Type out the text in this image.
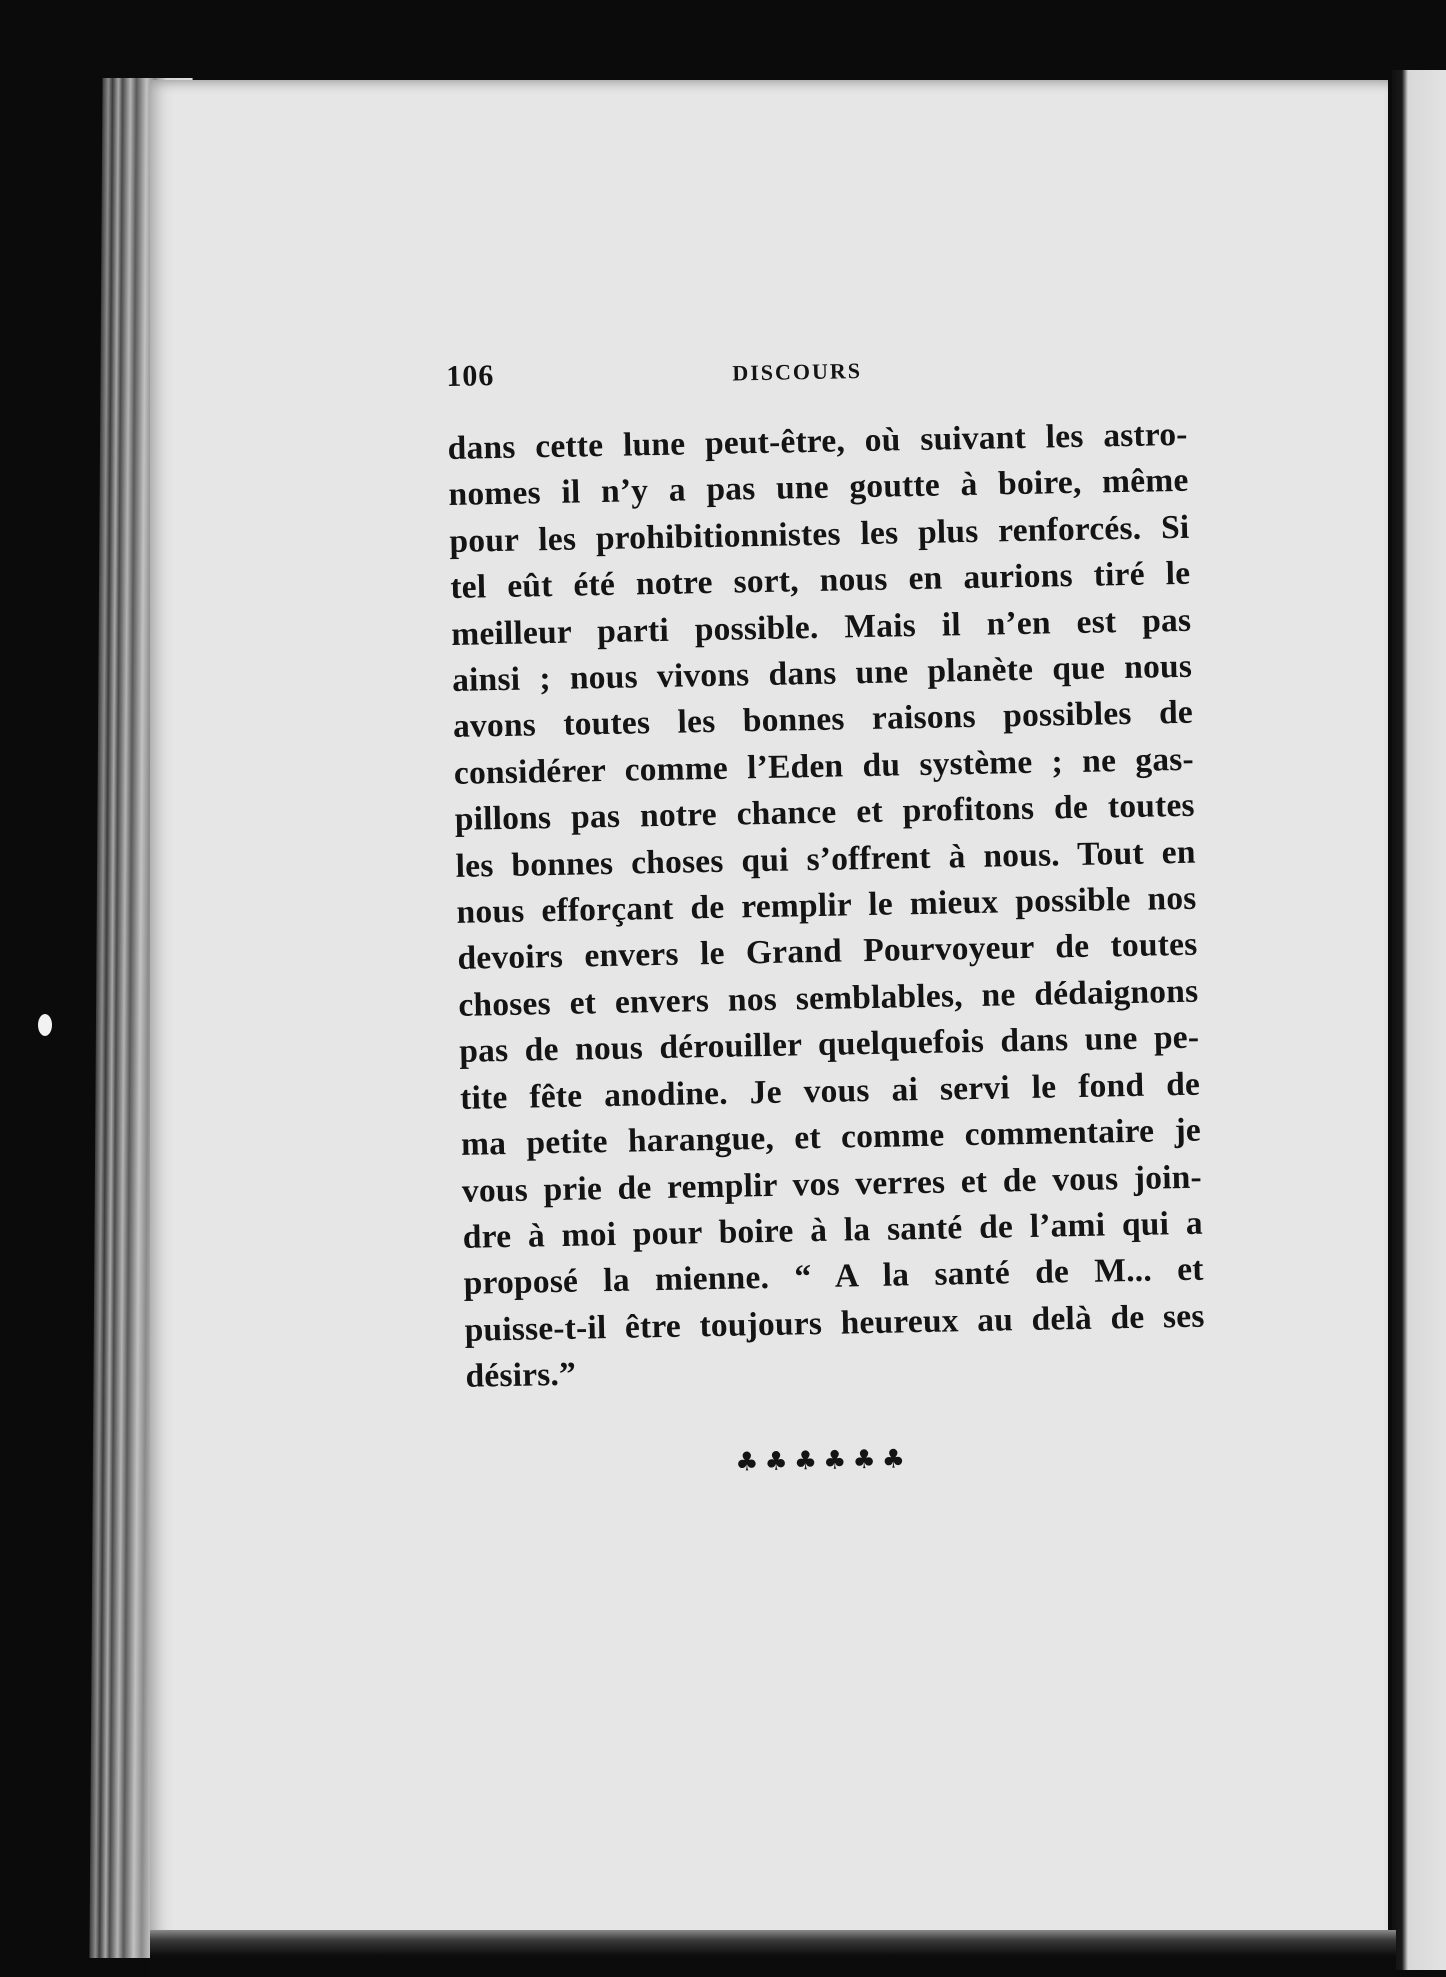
106	DISCOURS
dans cette lune peut-être, où suivant les astro-
nomes il n’y a pas une goutte à boire, même
pour les prohibitionnistes les plus renforcés. Si
tel eût été notre sort, nous en aurions tiré le
meilleur parti possible. Mais il n’en est pas
ainsi ; nous vivons dans une planète que nous
avons toutes les bonnes raisons possibles de
considérer comme l’Eden du système ; ne gas-
pillons pas notre chance et profitons de toutes
les bonnes choses qui s’offrent à nous. Tout en
nous efforçant de remplir le mieux possible nos
devoirs envers le Grand Pourvoyeur de toutes
choses et envers nos semblables, ne dédaignons
pas de nous dérouiller quelquefois dans une pe-
tite fête anodine. Je vous ai servi le fond de
ma petite harangue, et comme commentaire je
vous prie de remplir vos verres et de vous join-
dre à moi pour boire à la santé de l’ami qui a
proposé la mienne. “ A la santé de M... et
puisse-t-il être toujours heureux au delà de ses
désirs.”
♣♣♣♣♣♣
